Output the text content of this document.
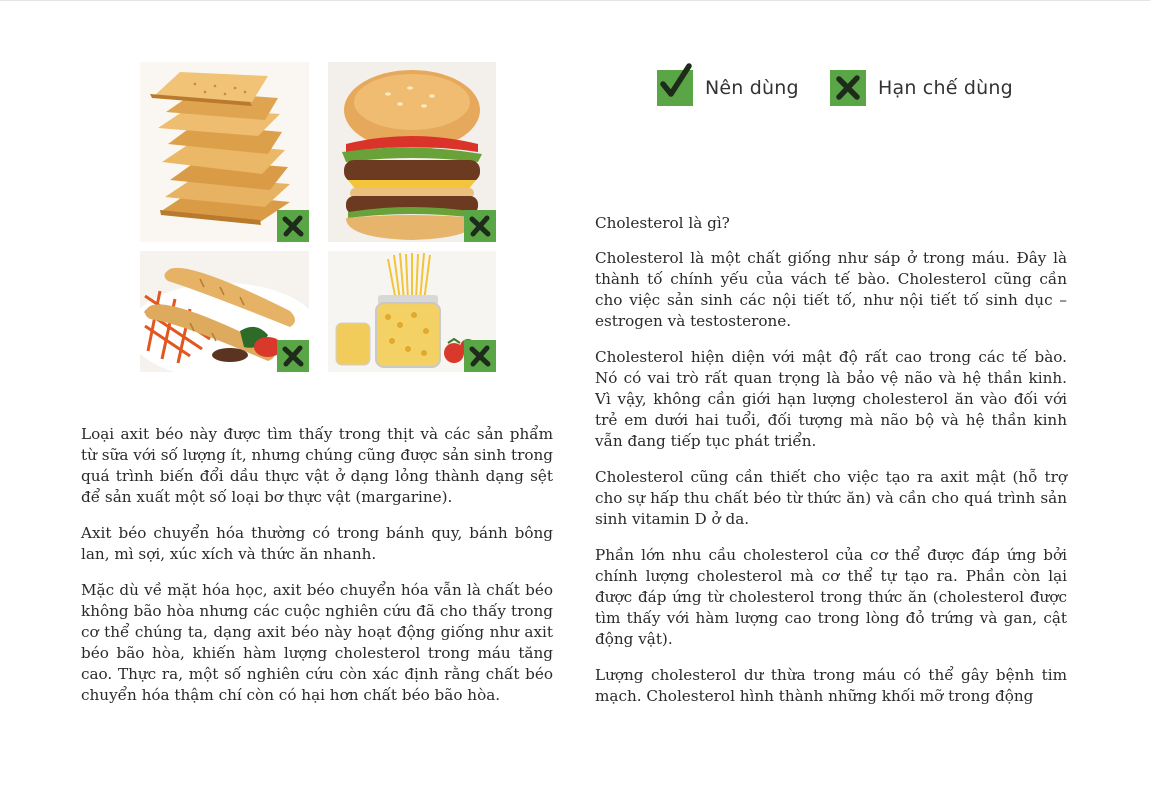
Nên dùng	Hạn chế dùng

Loại axit béo này được tìm thấy trong thịt và các sản phẩm từ sữa với số lượng ít, nhưng chúng cũng được sản sinh trong quá trình biến đổi dầu thực vật ở dạng lỏng thành dạng sệt để sản xuất một số loại bơ thực vật (margarine).

Axit béo chuyển hóa thường có trong bánh quy, bánh bông lan, mì sợi, xúc xích và thức ăn nhanh.

Mặc dù về mặt hóa học, axit béo chuyển hóa vẫn là chất béo không bão hòa nhưng các cuộc nghiên cứu đã cho thấy trong cơ thể chúng ta, dạng axit béo này hoạt động giống như axit béo bão hòa, khiến hàm lượng cholesterol trong máu tăng cao. Thực ra, một số nghiên cứu còn xác định rằng chất béo chuyển hóa thậm chí còn có hại hơn chất béo bão hòa.

Cholesterol là gì?

Cholesterol là một chất giống như sáp ở trong máu. Đây là thành tố chính yếu của vách tế bào. Cholesterol cũng cần cho việc sản sinh các nội tiết tố, như nội tiết tố sinh dục – estrogen và testosterone.

Cholesterol hiện diện với mật độ rất cao trong các tế bào. Nó có vai trò rất quan trọng là bảo vệ não và hệ thần kinh. Vì vậy, không cần giới hạn lượng cholesterol ăn vào đối với trẻ em dưới hai tuổi, đối tượng mà não bộ và hệ thần kinh vẫn đang tiếp tục phát triển.

Cholesterol cũng cần thiết cho việc tạo ra axit mật (hỗ trợ cho sự hấp thu chất béo từ thức ăn) và cần cho quá trình sản sinh vitamin D ở da.

Phần lớn nhu cầu cholesterol của cơ thể được đáp ứng bởi chính lượng cholesterol mà cơ thể tự tạo ra. Phần còn lại được đáp ứng từ cholesterol trong thức ăn (cholesterol được tìm thấy với hàm lượng cao trong lòng đỏ trứng và gan, cật động vật).

Lượng cholesterol dư thừa trong máu có thể gây bệnh tim mạch. Cholesterol hình thành những khối mỡ trong động
